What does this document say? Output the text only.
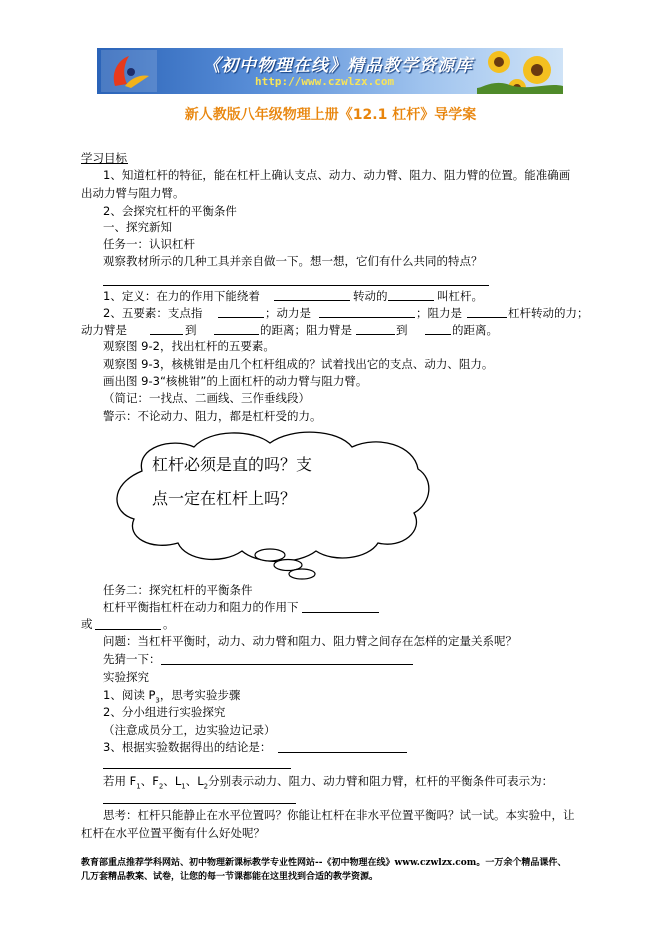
《初中物理在线》精品教学资源库
http://www.czwlzx.com
新人教版八年级物理上册《12.1 杠杆》导学案
学习目标
1、知道杠杆的特征，能在杠杆上确认支点、动力、动力臂、阻力、阻力臂的位置。能准确画
出动力臂与阻力臂。
2、会探究杠杆的平衡条件
一、探究新知
任务一：认识杠杆
观察教材所示的几种工具并亲自做一下。想一想，它们有什么共同的特点？
1、定义：在力的作用下能绕着	转动的	叫杠杆。
2、五要素：支点指	；动力是	；阻力是	杠杆转动的力；
动力臂是	到	的距离；阻力臂是	到	的距离。
观察图 9-2，找出杠杆的五要素。
观察图 9-3，核桃钳是由几个杠杆组成的？试着找出它的支点、动力、阻力。
画出图 9-3“核桃钳”的上面杠杆的动力臂与阻力臂。
（简记：一找点、二画线、三作垂线段）
警示：不论动力、阻力，都是杠杆受的力。
杠杆必须是直的吗？支
点一定在杠杆上吗？
任务二：探究杠杆的平衡条件
杠杆平衡指杠杆在动力和阻力的作用下
或	。
问题：当杠杆平衡时，动力、动力臂和阻力、阻力臂之间存在怎样的定量关系呢？
先猜一下：
实验探究
1、阅读 $P_3$，思考实验步骤
2、分小组进行实验探究
（注意成员分工，边实验边记录）
3、根据实验数据得出的结论是：
若用 $F_1$、$F_2$、$L_1$、$L_2$分别表示动力、阻力、动力臂和阻力臂，杠杆的平衡条件可表示为：
思考：杠杆只能静止在水平位置吗？你能让杠杆在非水平位置平衡吗？试一试。本实验中，让
杠杆在水平位置平衡有什么好处呢？
教育部重点推荐学科网站、初中物理新课标教学专业性网站--《初中物理在线》www.czwlzx.com。一万余个精品课件、
几万套精品教案、试卷，让您的每一节课都能在这里找到合适的教学资源。
